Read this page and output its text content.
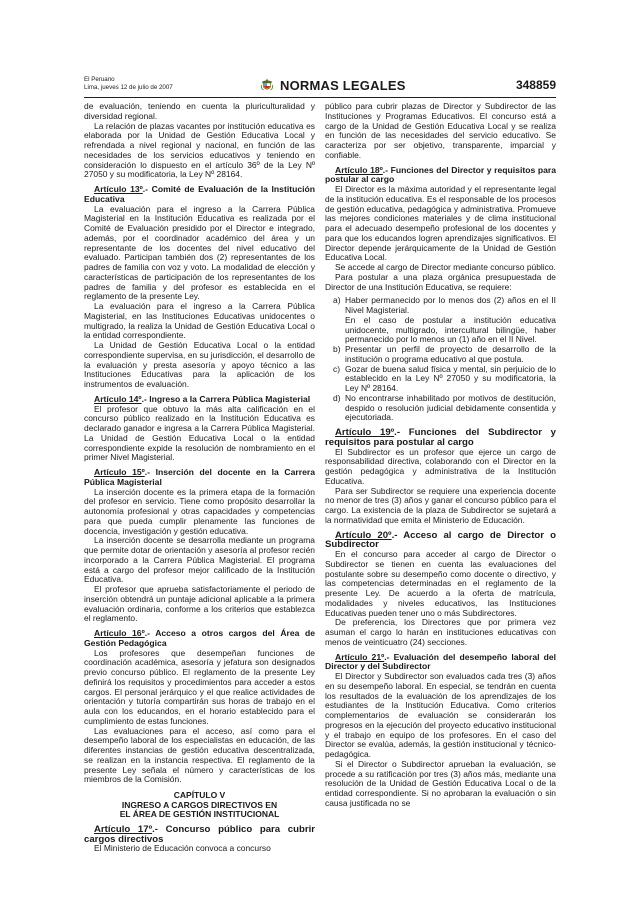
El Peruano
Lima, jueves 12 de julio de 2007	NORMAS LEGALES	348859

de evaluación, teniendo en cuenta la pluriculturalidad y diversidad regional.

La relación de plazas vacantes por institución educativa es elaborada por la Unidad de Gestión Educativa Local y refrendada a nivel regional y nacional, en función de las necesidades de los servicios educativos y teniendo en consideración lo dispuesto en el artículo 36º de la Ley Nº 27050 y su modificatoria, la Ley Nº 28164.

Artículo 13º.- Comité de Evaluación de la Institución Educativa

La evaluación para el ingreso a la Carrera Pública Magisterial en la Institución Educativa es realizada por el Comité de Evaluación presidido por el Director e integrado, además, por el coordinador académico del área y un representante de los docentes del nivel educativo del evaluado. Participan también dos (2) representantes de los padres de familia con voz y voto. La modalidad de elección y características de participación de los representantes de los padres de familia y del profesor es establecida en el reglamento de la presente Ley.

La evaluación para el ingreso a la Carrera Pública Magisterial, en las Instituciones Educativas unidocentes o multigrado, la realiza la Unidad de Gestión Educativa Local o la entidad correspondiente.

La Unidad de Gestión Educativa Local o la entidad correspondiente supervisa, en su jurisdicción, el desarrollo de la evaluación y presta asesoría y apoyo técnico a las Instituciones Educativas para la aplicación de los instrumentos de evaluación.

Artículo 14º.- Ingreso a la Carrera Pública Magisterial

El profesor que obtuvo la más alta calificación en el concurso público realizado en la Institución Educativa es declarado ganador e ingresa a la Carrera Pública Magisterial. La Unidad de Gestión Educativa Local o la entidad correspondiente expide la resolución de nombramiento en el primer Nivel Magisterial.

Artículo 15º.- Inserción del docente en la Carrera Pública Magisterial

La inserción docente es la primera etapa de la formación del profesor en servicio. Tiene como propósito desarrollar la autonomía profesional y otras capacidades y competencias para que pueda cumplir plenamente las funciones de docencia, investigación y gestión educativa.

La inserción docente se desarrolla mediante un programa que permite dotar de orientación y asesoría al profesor recién incorporado a la Carrera Pública Magisterial. El programa está a cargo del profesor mejor calificado de la Institución Educativa.

El profesor que aprueba satisfactoriamente el periodo de inserción obtendrá un puntaje adicional aplicable a la primera evaluación ordinaria, conforme a los criterios que establezca el reglamento.

Artículo 16º.- Acceso a otros cargos del Área de Gestión Pedagógica

Los profesores que desempeñan funciones de coordinación académica, asesoría y jefatura son designados previo concurso público. El reglamento de la presente Ley definirá los requisitos y procedimientos para acceder a estos cargos. El personal jerárquico y el que realice actividades de orientación y tutoría compartirán sus horas de trabajo en el aula con los educandos, en el horario establecido para el cumplimiento de estas funciones.

Las evaluaciones para el acceso, así como para el desempeño laboral de los especialistas en educación, de las diferentes instancias de gestión educativa descentralizada, se realizan en la instancia respectiva. El reglamento de la presente Ley señala el número y características de los miembros de la Comisión.

CAPÍTULO V
INGRESO A CARGOS DIRECTIVOS EN
EL ÁREA DE GESTIÓN INSTITUCIONAL
Artículo 17º.- Concurso público para cubrir cargos directivos

El Ministerio de Educación convoca a concurso

público para cubrir plazas de Director y Subdirector de las Instituciones y Programas Educativos. El concurso está a cargo de la Unidad de Gestión Educativa Local y se realiza en función de las necesidades del servicio educativo. Se caracteriza por ser objetivo, transparente, imparcial y confiable.

Artículo 18º.- Funciones del Director y requisitos para postular al cargo

El Director es la máxima autoridad y el representante legal de la institución educativa. Es el responsable de los procesos de gestión educativa, pedagógica y administrativa. Promueve las mejores condiciones materiales y de clima institucional para el adecuado desempeño profesional de los docentes y para que los educandos logren aprendizajes significativos. El Director depende jerárquicamente de la Unidad de Gestión Educativa Local.

Se accede al cargo de Director mediante concurso público.

Para postular a una plaza orgánica presupuestada de Director de una Institución Educativa, se requiere:

a) Haber permanecido por lo menos dos (2) años en el II Nivel Magisterial.

En el caso de postular a institución educativa unidocente, multigrado, intercultural bilingüe, haber permanecido por lo menos un (1) año en el II Nivel.

b) Presentar un perfil de proyecto de desarrollo de la institución o programa educativo al que postula.

c) Gozar de buena salud física y mental, sin perjuicio de lo establecido en la Ley Nº 27050 y su modificatoria, la Ley Nº 28164.

d) No encontrarse inhabilitado por motivos de destitución, despido o resolución judicial debidamente consentida y ejecutoriada.

Artículo 19º.- Funciones del Subdirector y requisitos para postular al cargo

El Subdirector es un profesor que ejerce un cargo de responsabilidad directiva, colaborando con el Director en la gestión pedagógica y administrativa de la Institución Educativa.

Para ser Subdirector se requiere una experiencia docente no menor de tres (3) años y ganar el concurso público para el cargo. La existencia de la plaza de Subdirector se sujetará a la normatividad que emita el Ministerio de Educación.

Artículo 20º.- Acceso al cargo de Director o Subdirector

En el concurso para acceder al cargo de Director o Subdirector se tienen en cuenta las evaluaciones del postulante sobre su desempeño como docente o directivo, y las competencias determinadas en el reglamento de la presente Ley. De acuerdo a la oferta de matrícula, modalidades y niveles educativos, las Instituciones Educativas pueden tener uno o más Subdirectores.

De preferencia, los Directores que por primera vez asuman el cargo lo harán en instituciones educativas con menos de veinticuatro (24) secciones.

Artículo 21º.- Evaluación del desempeño laboral del Director y del Subdirector

El Director y Subdirector son evaluados cada tres (3) años en su desempeño laboral. En especial, se tendrán en cuenta los resultados de la evaluación de los aprendizajes de los estudiantes de la Institución Educativa. Como criterios complementarios de evaluación se considerarán los progresos en la ejecución del proyecto educativo institucional y el trabajo en equipo de los profesores. En el caso del Director se evalúa, además, la gestión institucional y técnico-pedagógica.

Si el Director o Subdirector aprueban la evaluación, se procede a su ratificación por tres (3) años más, mediante una resolución de la Unidad de Gestión Educativa Local o de la entidad correspondiente. Si no aprobaran la evaluación o sin causa justificada no se
